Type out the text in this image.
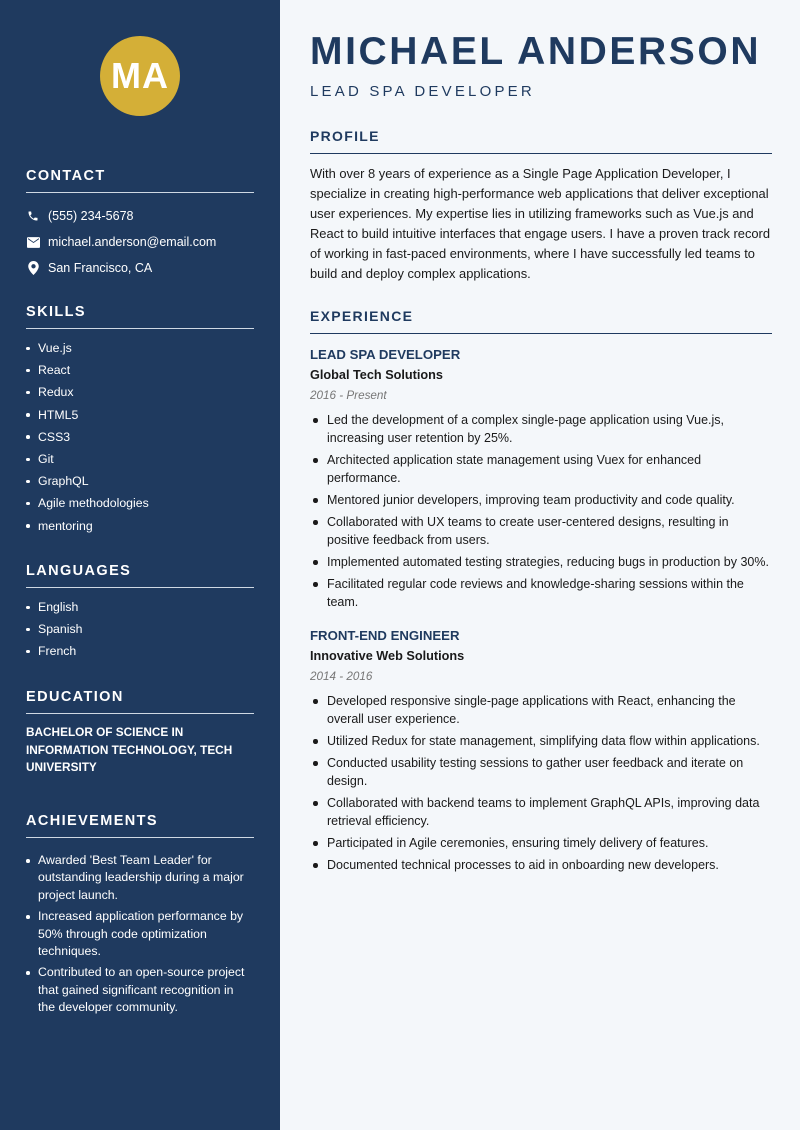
MA
CONTACT
(555) 234-5678
michael.anderson@email.com
San Francisco, CA
SKILLS
Vue.js
React
Redux
HTML5
CSS3
Git
GraphQL
Agile methodologies
mentoring
LANGUAGES
English
Spanish
French
EDUCATION
BACHELOR OF SCIENCE IN INFORMATION TECHNOLOGY, TECH UNIVERSITY
ACHIEVEMENTS
Awarded 'Best Team Leader' for outstanding leadership during a major project launch.
Increased application performance by 50% through code optimization techniques.
Contributed to an open-source project that gained significant recognition in the developer community.
MICHAEL ANDERSON
LEAD SPA DEVELOPER
PROFILE

With over 8 years of experience as a Single Page Application Developer, I specialize in creating high-performance web applications that deliver exceptional user experiences. My expertise lies in utilizing frameworks such as Vue.js and React to build intuitive interfaces that engage users. I have a proven track record of working in fast-paced environments, where I have successfully led teams to build and deploy complex applications.

EXPERIENCE
LEAD SPA DEVELOPER
Global Tech Solutions
2016 - Present
Led the development of a complex single-page application using Vue.js, increasing user retention by 25%.
Architected application state management using Vuex for enhanced performance.
Mentored junior developers, improving team productivity and code quality.
Collaborated with UX teams to create user-centered designs, resulting in positive feedback from users.
Implemented automated testing strategies, reducing bugs in production by 30%.
Facilitated regular code reviews and knowledge-sharing sessions within the team.
FRONT-END ENGINEER
Innovative Web Solutions
2014 - 2016
Developed responsive single-page applications with React, enhancing the overall user experience.
Utilized Redux for state management, simplifying data flow within applications.
Conducted usability testing sessions to gather user feedback and iterate on design.
Collaborated with backend teams to implement GraphQL APIs, improving data retrieval efficiency.
Participated in Agile ceremonies, ensuring timely delivery of features.
Documented technical processes to aid in onboarding new developers.
